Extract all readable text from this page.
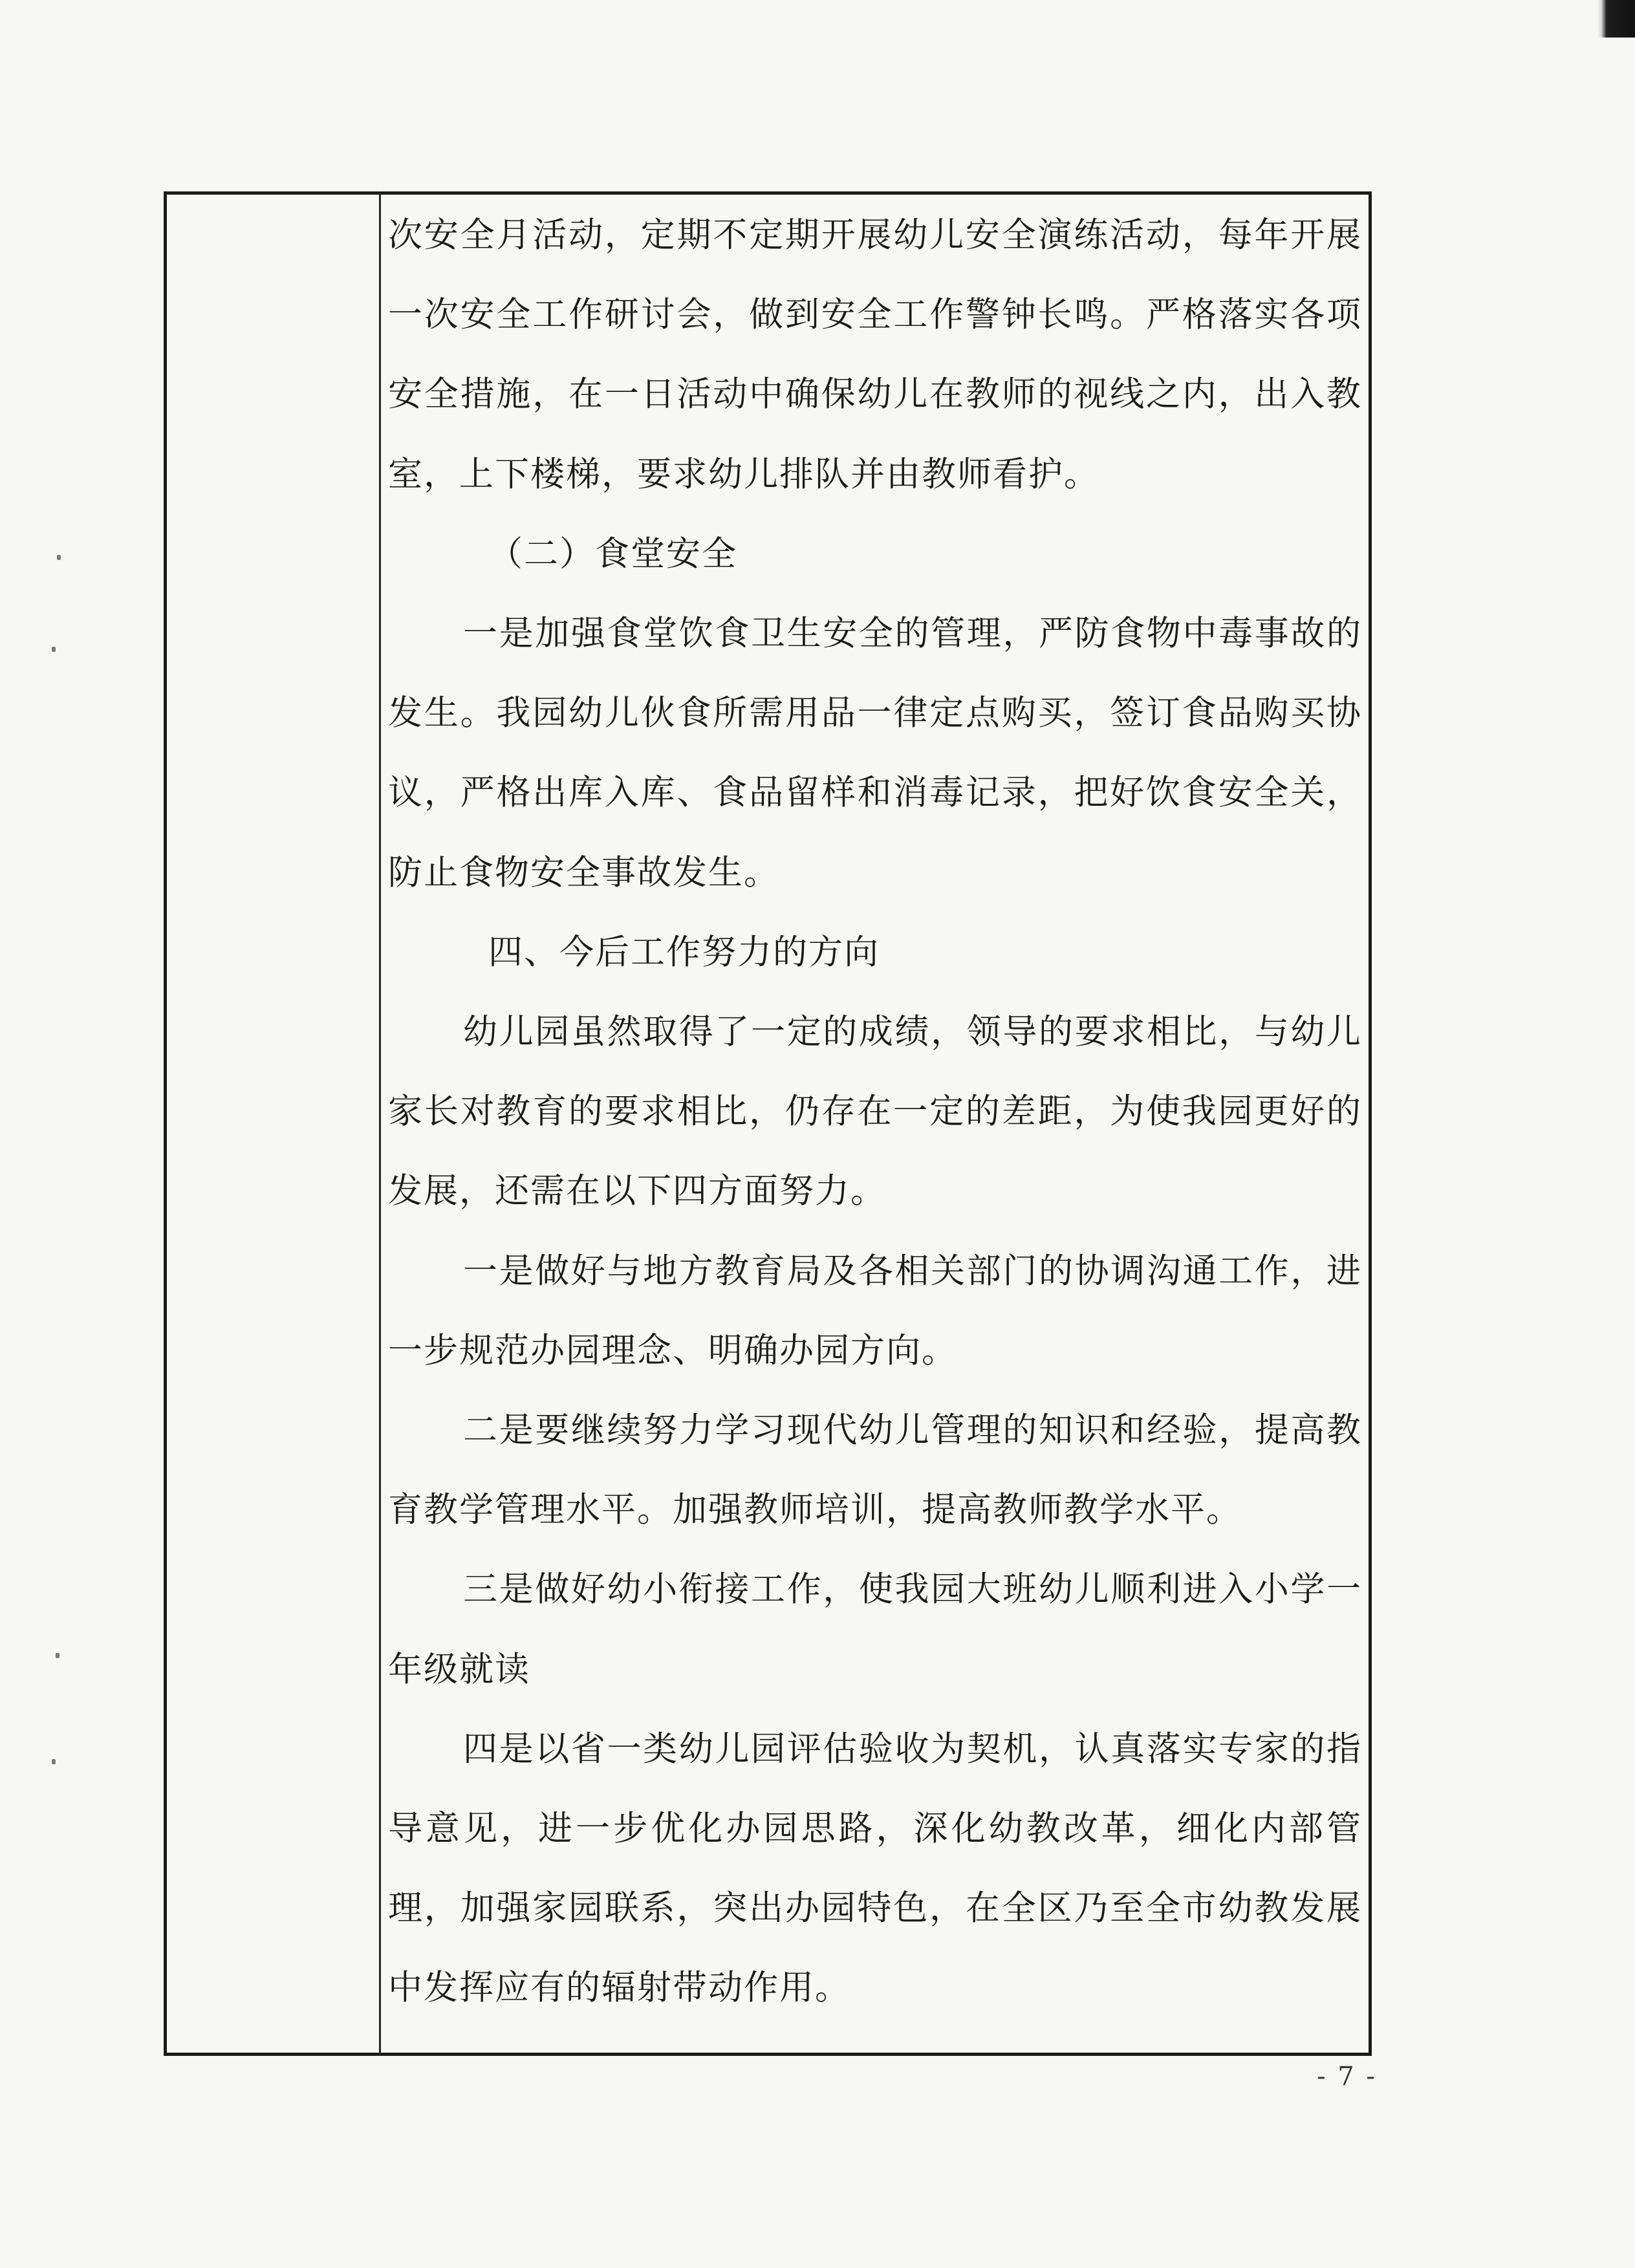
次安全月活动，定期不定期开展幼儿安全演练活动，每年开展一次安全工作研讨会，做到安全工作警钟长鸣。严格落实各项安全措施，在一日活动中确保幼儿在教师的视线之内，出入教室，上下楼梯，要求幼儿排队并由教师看护。

（二）食堂安全

一是加强食堂饮食卫生安全的管理，严防食物中毒事故的发生。我园幼儿伙食所需用品一律定点购买，签订食品购买协议，严格出库入库、食品留样和消毒记录，把好饮食安全关，防止食物安全事故发生。

四、今后工作努力的方向

幼儿园虽然取得了一定的成绩，领导的要求相比，与幼儿家长对教育的要求相比，仍存在一定的差距，为使我园更好的发展，还需在以下四方面努力。

一是做好与地方教育局及各相关部门的协调沟通工作，进一步规范办园理念、明确办园方向。

二是要继续努力学习现代幼儿管理的知识和经验，提高教育教学管理水平。加强教师培训，提高教师教学水平。

三是做好幼小衔接工作，使我园大班幼儿顺利进入小学一年级就读

四是以省一类幼儿园评估验收为契机，认真落实专家的指导意见，进一步优化办园思路，深化幼教改革，细化内部管理，加强家园联系，突出办园特色，在全区乃至全市幼教发展中发挥应有的辐射带动作用。

- 7 -
